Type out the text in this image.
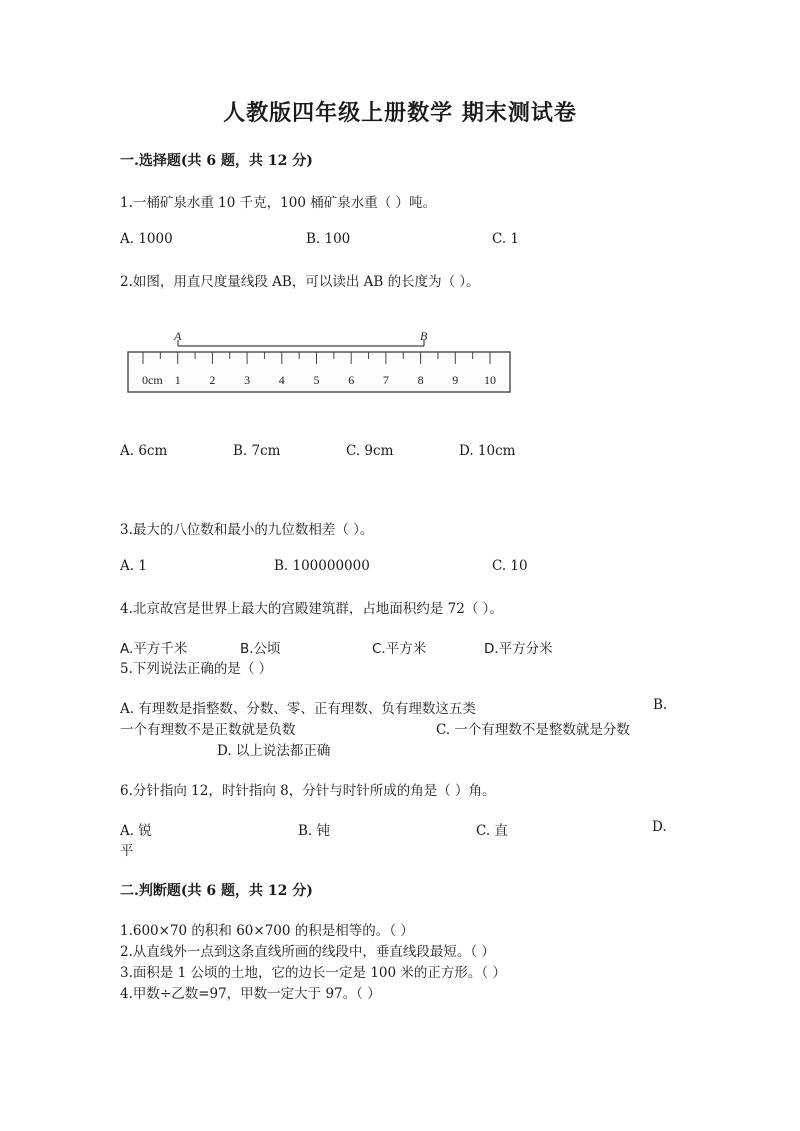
人教版四年级上册数学 期末测试卷
一.选择题(共 6 题，共 12 分)
1.一桶矿泉水重 10 千克，100 桶矿泉水重（ ）吨。
A. 1000	B. 100	C. 1
2.如图，用直尺度量线段 AB，可以读出 AB 的长度为（ ）。
A	B
0cm 1 2 3 4 5 6 7 8 9 10
A. 6cm	B. 7cm	C. 9cm	D. 10cm
3.最大的八位数和最小的九位数相差（ ）。
A. 1	B. 100000000	C. 10
4.北京故宫是世界上最大的宫殿建筑群，占地面积约是 72（ ）。
A.平方千米	B.公顷	C.平方米	D.平方分米
5.下列说法正确的是（ ）
A. 有理数是指整数、分数、零、正有理数、负有理数这五类	B.
一个有理数不是正数就是负数	C. 一个有理数不是整数就是分数
D. 以上说法都正确
6.分针指向 12，时针指向 8，分针与时针所成的角是（ ）角。
A. 锐	B. 钝	C. 直	D.
平
二.判断题(共 6 题，共 12 分)
1.600×70 的积和 60×700 的积是相等的。（ ）
2.从直线外一点到这条直线所画的线段中，垂直线段最短。（ ）
3.面积是 1 公顷的土地，它的边长一定是 100 米的正方形。（ ）
4.甲数÷乙数=97，甲数一定大于 97。（ ）
